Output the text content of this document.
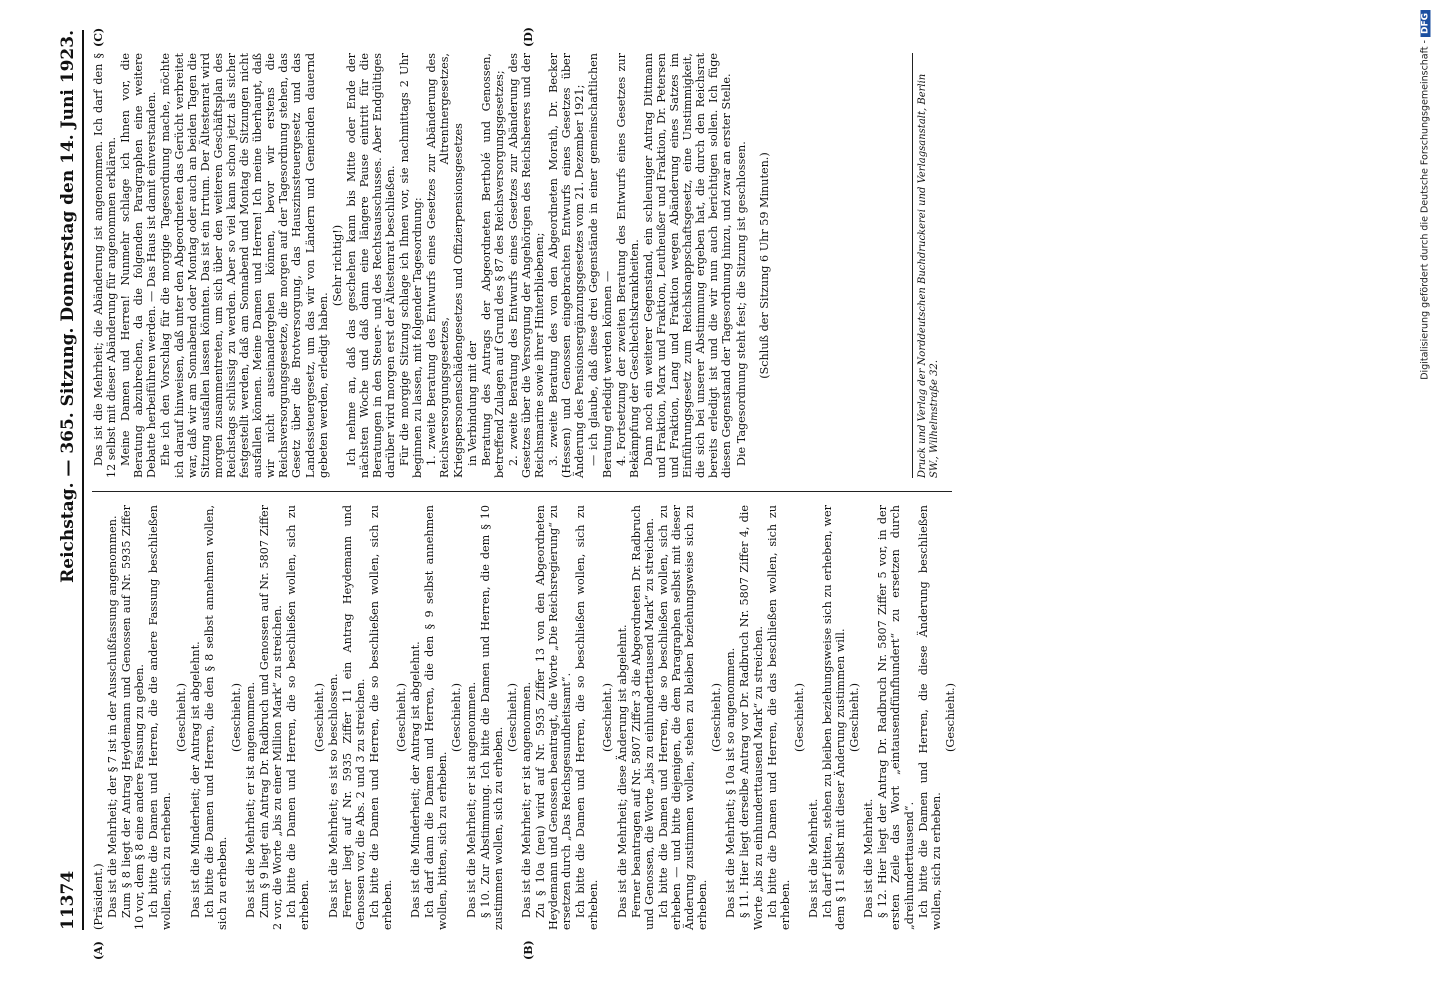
11374
Reichstag. — 365. Sitzung. Donnerstag den 14. Juni 1923.

(Präsident.) Das ist die Mehrheit; der § 7 ist in der Ausschußfassung angenommen. Zum § 8 liegt der Antrag Heydemann und Genossen auf Nr. 5935 Ziffer 10 vor, dem § 8 eine andere Fassung zu geben. Ich bitte die Damen und Herren, die die andere Fassung beschließen wollen, sich zu erheben.

(Geschieht.) Das ist die Minderheit; der Antrag ist abgelehnt. Ich bitte die Damen und Herren, die den § 8 selbst annehmen wollen, sich zu erheben.

(Geschieht.) Das ist die Mehrheit; er ist angenommen. Zum § 9 liegt ein Antrag Dr. Radbruch und Genossen auf Nr. 5807 Ziffer 2 vor, die Worte „bis zu einer Million Mark“ zu streichen. Ich bitte die Damen und Herren, die so beschließen wollen, sich zu erheben.

(Geschieht.) Das ist die Mehrheit; es ist so beschlossen. Ferner liegt auf Nr. 5935 Ziffer 11 ein Antrag Heydemann und Genossen vor, die Abs. 2 und 3 zu streichen. Ich bitte die Damen und Herren, die so beschließen wollen, sich zu erheben.

(Geschieht.) Das ist die Minderheit; der Antrag ist abgelehnt. Ich darf dann die Damen und Herren, die den § 9 selbst annehmen wollen, bitten, sich zu erheben.

(Geschieht.) Das ist die Mehrheit; er ist angenommen. § 10. Zur Abstimmung. Ich bitte die Damen und Herren, die dem § 10 zustimmen wollen, sich zu erheben.

(Geschieht.) Das ist die Mehrheit; er ist angenommen. Zu § 10a (neu) wird auf Nr. 5935 Ziffer 13 von den Abgeordneten Heydemann und Genossen beantragt, die Worte „Die Reichsregierung“ zu ersetzen durch „Das Reichsgesundheitsamt“. Ich bitte die Damen und Herren, die so beschließen wollen, sich zu erheben.

(Geschieht.) Das ist die Mehrheit; diese Änderung ist abgelehnt. Ferner beantragen auf Nr. 5807 Ziffer 3 die Abgeordneten Dr. Radbruch und Genossen, die Worte „bis zu einhunderttausend Mark“ zu streichen. Ich bitte die Damen und Herren, die so beschließen wollen, sich zu erheben — und bitte diejenigen, die dem Paragraphen selbst mit dieser Änderung zustimmen wollen, stehen zu bleiben beziehungsweise sich zu erheben.

(Geschieht.) Das ist die Mehrheit; § 10a ist so angenommen. § 11. Hier liegt derselbe Antrag vor Dr. Radbruch Nr. 5807 Ziffer 4, die Worte „bis zu einhunderttausend Mark“ zu streichen. Ich bitte die Damen und Herren, die das beschließen wollen, sich zu erheben.

(Geschieht.)

Das ist die Mehrheit. Ich darf bitten, stehen zu bleiben beziehungsweise sich zu erheben, wer dem § 11 selbst mit dieser Änderung zustimmen will. (Geschieht.)

Das ist die Mehrheit. § 12. Hier liegt der Antrag Dr. Radbruch Nr. 5807 Ziffer 5 vor, in der ersten Zeile das Wort „eintausendfünfhundert“ zu ersetzen durch „dreihunderttausend“. Ich bitte die Damen und Herren, die diese Änderung beschließen wollen, sich zu erheben.

(Geschieht.)

Das ist die Mehrheit; die Abänderung ist angenommen. Ich darf den § 12 selbst mit dieser Abänderung für angenommen erklären. Meine Damen und Herren! Nunmehr schlage ich Ihnen vor, die Beratung abzubrechen, da die folgenden Paragraphen eine weitere Debatte herbeiführen werden. — Das Haus ist damit einverstanden. Ehe ich den Vorschlag für die morgige Tagesordnung mache, möchte ich darauf hinweisen, daß unter den Abgeordneten das Gerücht verbreitet war, daß wir am Sonnabend oder Montag oder auch an beiden Tagen die Sitzung ausfallen lassen könnten. Das ist ein Irrtum. Der Ältestenrat wird morgen zusammentreten, um sich über den weiteren Geschäftsplan des Reichstags schlüssig zu werden. Aber so viel kann schon jetzt als sicher festgestellt werden, daß am Sonnabend und Montag die Sitzungen nicht ausfallen können. Meine Damen und Herren! Ich meine überhaupt, daß wir nicht auseinandergehen können, bevor wir erstens die Reichsversorgungsgesetze, die morgen auf der Tagesordnung stehen, das Gesetz über die Brotversorgung, das Hauszinssteuergesetz und das Landessteuergesetz, um das wir von Ländern und Gemeinden dauernd gebeten werden, erledigt haben.

(Sehr richtig!) Ich nehme an, daß das geschehen kann bis Mitte oder Ende der nächsten Woche und daß dann eine längere Pause eintritt für die Beratungen in den Steuer- und des Rechtsausschusses. Aber Endgültiges darüber wird morgen erst der Ältestenrat beschließen. Für die morgige Sitzung schlage ich Ihnen vor, sie nachmittags 2 Uhr beginnen zu lassen, mit folgender Tagesordnung: 1. zweite Beratung des Entwurfs eines Gesetzes zur Abänderung des Reichsversorgungsgesetzes, Altrentnergesetzes, Kriegspersonenschädengesetzes und Offizierpensionsgesetzes in Verbindung mit der Beratung des Antrags der Abgeordneten Bertholé und Genossen, betreffend Zulagen auf Grund des § 87 des Reichsversorgungsgesetzes; 2. zweite Beratung des Entwurfs eines Gesetzes zur Abänderung des Gesetzes über die Versorgung der Angehörigen des Reichsheeres und der Reichsmarine sowie ihrer Hinterbliebenen; 3. zweite Beratung des von den Abgeordneten Morath, Dr. Becker (Hessen) und Genossen eingebrachten Entwurfs eines Gesetzes über Änderung des Pensionsergänzungsgesetzes vom 21. Dezember 1921; — ich glaube, daß diese drei Gegenstände in einer gemeinschaftlichen Beratung erledigt werden können — 4. Fortsetzung der zweiten Beratung des Entwurfs eines Gesetzes zur Bekämpfung der Geschlechtskrankheiten. Dann noch ein weiterer Gegenstand, ein schleuniger Antrag Dittmann und Fraktion, Marx und Fraktion, Leutheußer und Fraktion, Dr. Petersen und Fraktion, Lang und Fraktion wegen Abänderung eines Satzes im Einführungsgesetz zum Reichsknappschaftsgesetz, eine Unstimmigkeit, die sich bei unserer Abstimmung ergeben hat, die durch den Reichsrat bereits erledigt ist und die wir nun auch berichtigen sollen. Ich füge diesen Gegenstand der Tagesordnung hinzu, und zwar an erster Stelle. Die Tagesordnung steht fest; die Sitzung ist geschlossen. (Schluß der Sitzung 6 Uhr 59 Minuten.)

(A)	(B)
(C)	(D)
Druck und Verlag der Norddeutschen Buchdruckerei und Verlagsanstalt, Berlin SW., Wilhelmstraße 32.
Digitalisierung gefördert durch die Deutsche Forschungsgemeinschaft -DFG
